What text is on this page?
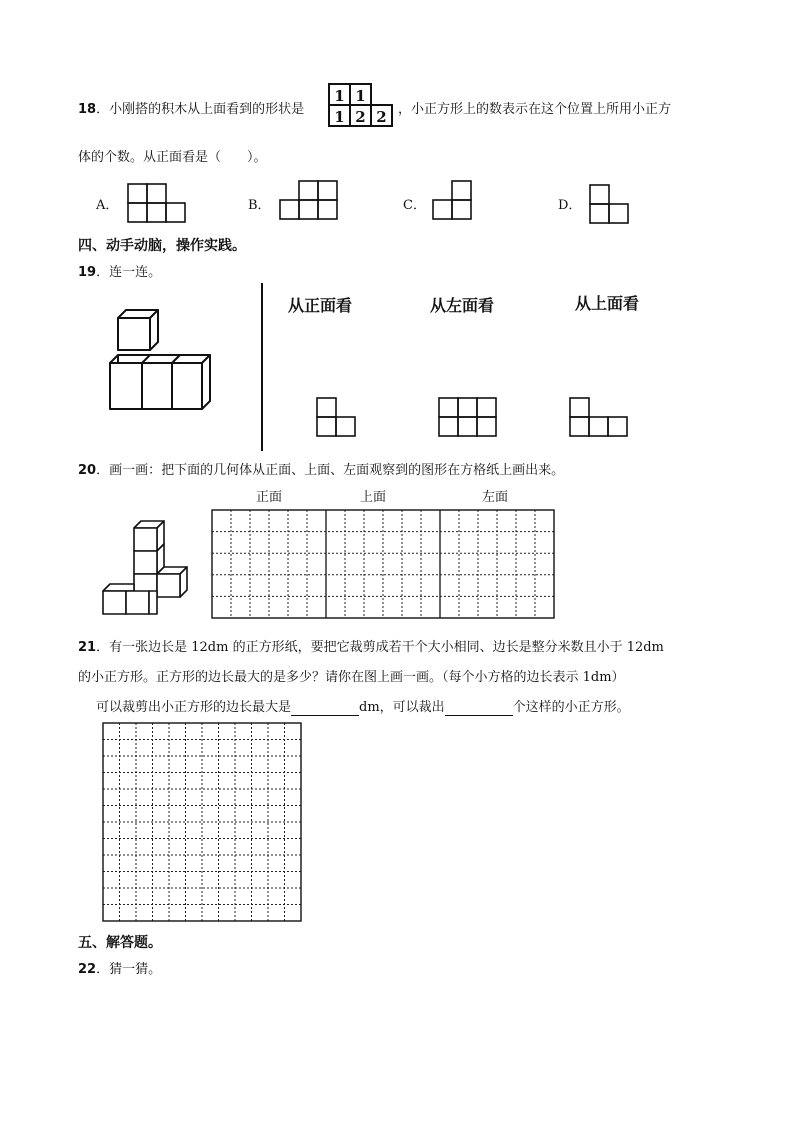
18．小刚搭的积木从上面看到的形状是
1 1
1 2 2 ，小正方形上的数表示在这个位置上所用小正方
体的个数。从正面看是（　　）。
A．	B．	C．	D．
四、动手动脑，操作实践。
19．连一连。
从正面看	从左面看	从上面看
20．画一画：把下面的几何体从正面、上面、左面观察到的图形在方格纸上画出来。
正面	上面	左面
21．有一张边长是 12dm 的正方形纸，要把它裁剪成若干个大小相同、边长是整分米数且小于 12dm
的小正方形。正方形的边长最大的是多少？请你在图上画一画。（每个小方格的边长表示 1dm）
可以裁剪出小正方形的边长最大是	dm，可以裁出	个这样的小正方形。
五、解答题。
22．猜一猜。
